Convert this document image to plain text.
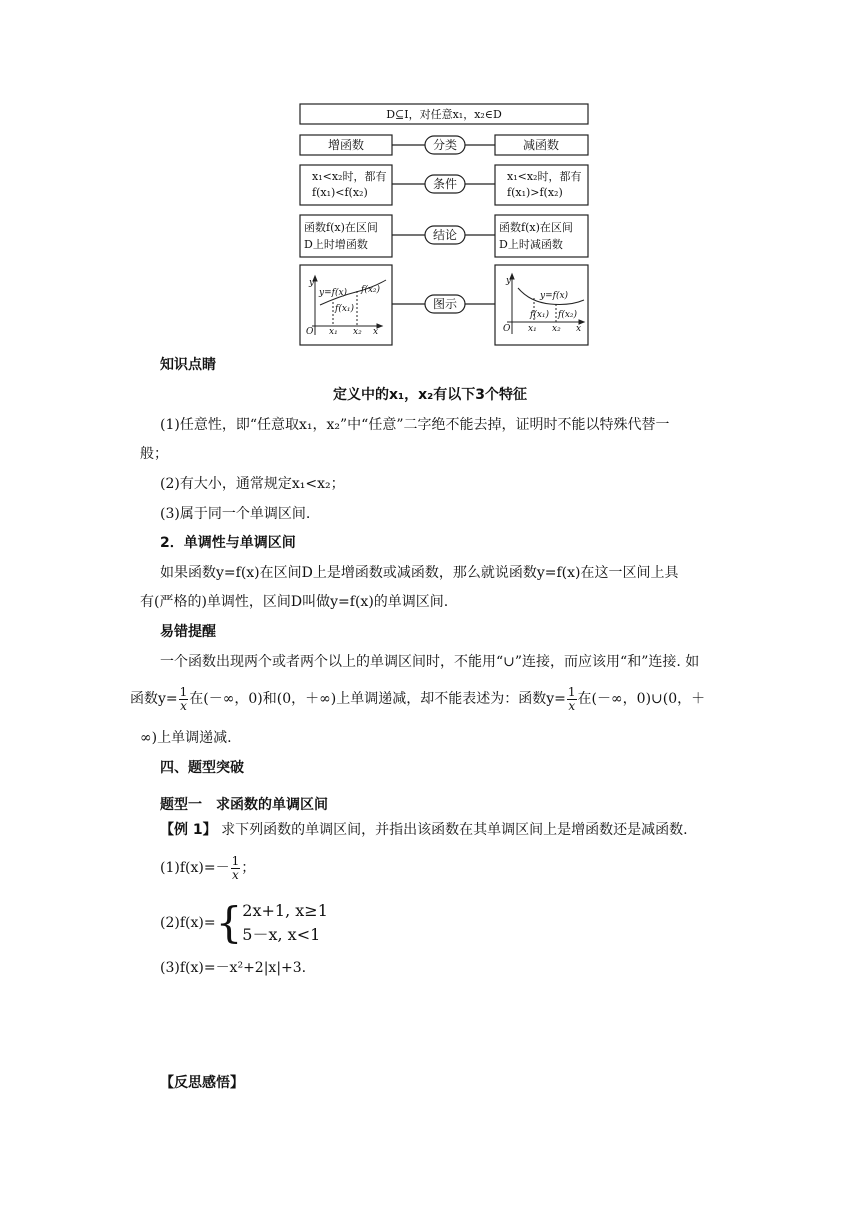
D⊆I，对任意x₁，x₂∈D
增函数	减函数
分类
条件
结论
图示
x₁<x₂时，都有
f(x₁)<f(x₂)
x₁<x₂时，都有
f(x₁)>f(x₂)
函数f(x)在区间
D上时增函数
函数f(x)在区间
D上时减函数
y=f(x) f(x₂)
f(x₁)
x₁ x₂ x
y
O
y=f(x)
f(x₁) f(x₂)
x₁ x₂ x
y
O
知识点睛
定义中的x₁，x₂有以下3个特征
(1)任意性，即“任意取x₁，x₂”中“任意”二字绝不能去掉，证明时不能以特殊代替一
般；
(2)有大小，通常规定x₁<x₂；
(3)属于同一个单调区间.
2．单调性与单调区间
如果函数y=f(x)在区间D上是增函数或减函数，那么就说函数y=f(x)在这一区间上具
有(严格的)单调性，区间D叫做y=f(x)的单调区间.
易错提醒
一个函数出现两个或者两个以上的单调区间时，不能用“∪”连接，而应该用“和”连接. 如
函数$y= \frac{1}{x}$ 在(－∞，0)和(0，＋∞)上单调递减，却不能表述为：函数$y= \frac{1}{x}$ 在(－∞，0)∪(0，＋
∞)上单调递减.
四、题型突破
题型一　求函数的单调区间
【例 1】 求下列函数的单调区间，并指出该函数在其单调区间上是增函数还是减函数.
$(1)f(x)=- \frac{1}{x}$ ；
(2)f(x)= { 2x+1, x≥1
5－x, x<1
(3)f(x)=－x²+2|x|+3.
【反思感悟】
